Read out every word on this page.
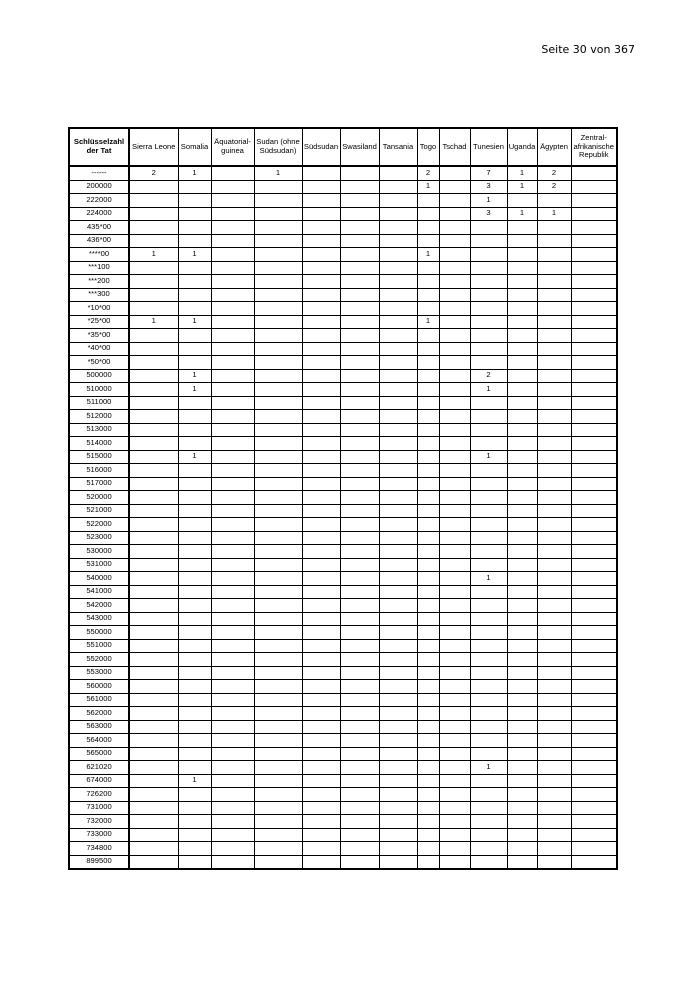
Seite 30 von 367
Schlüsselzahl der Tat	Sierra Leone	Somalia	Äquatorial-guinea	Sudan (ohne Südsudan)	Südsudan	Swasiland	Tansania	Togo	Tschad	Tunesien	Uganda	Ägypten	Zentral-afrikanische Republik
------	2	1		1				2		7	1	2	
200000								1		3	1	2	
222000										1			
224000										3	1	1	
435*00													
436*00													
****00	1	1						1					
***100													
***200													
***300													
*10*00													
*25*00	1	1						1					
*35*00													
*40*00													
*50*00													
500000		1								2			
510000		1								1			
511000													
512000													
513000													
514000													
515000		1								1			
516000													
517000													
520000													
521000													
522000													
523000													
530000													
531000													
540000										1			
541000													
542000													
543000													
550000													
551000													
552000													
553000													
560000													
561000													
562000													
563000													
564000													
565000													
621020										1			
674000		1											
726200													
731000													
732000													
733000													
734800													
899500													
